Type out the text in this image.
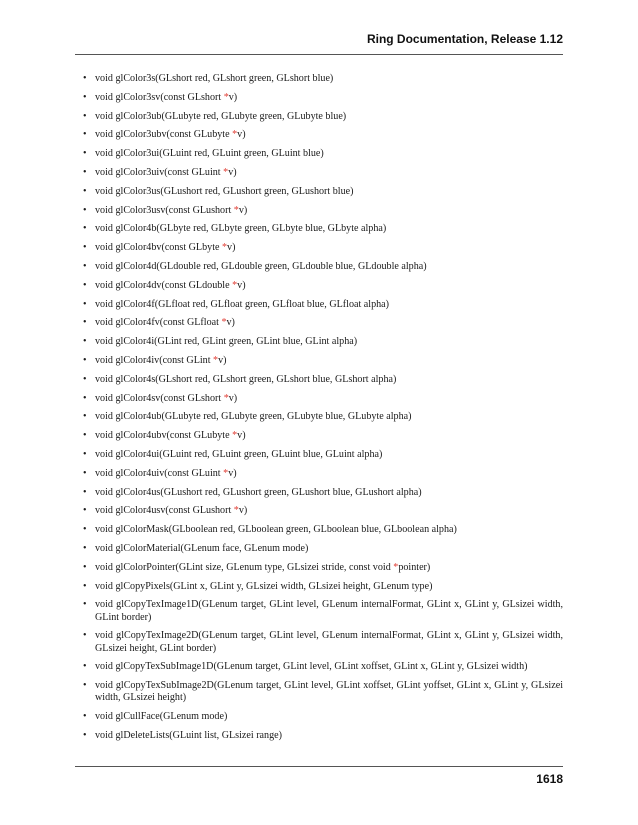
Ring Documentation, Release 1.12
• void glColor3s(GLshort red, GLshort green, GLshort blue)
• void glColor3sv(const GLshort *v)
• void glColor3ub(GLubyte red, GLubyte green, GLubyte blue)
• void glColor3ubv(const GLubyte *v)
• void glColor3ui(GLuint red, GLuint green, GLuint blue)
• void glColor3uiv(const GLuint *v)
• void glColor3us(GLushort red, GLushort green, GLushort blue)
• void glColor3usv(const GLushort *v)
• void glColor4b(GLbyte red, GLbyte green, GLbyte blue, GLbyte alpha)
• void glColor4bv(const GLbyte *v)
• void glColor4d(GLdouble red, GLdouble green, GLdouble blue, GLdouble alpha)
• void glColor4dv(const GLdouble *v)
• void glColor4f(GLfloat red, GLfloat green, GLfloat blue, GLfloat alpha)
• void glColor4fv(const GLfloat *v)
• void glColor4i(GLint red, GLint green, GLint blue, GLint alpha)
• void glColor4iv(const GLint *v)
• void glColor4s(GLshort red, GLshort green, GLshort blue, GLshort alpha)
• void glColor4sv(const GLshort *v)
• void glColor4ub(GLubyte red, GLubyte green, GLubyte blue, GLubyte alpha)
• void glColor4ubv(const GLubyte *v)
• void glColor4ui(GLuint red, GLuint green, GLuint blue, GLuint alpha)
• void glColor4uiv(const GLuint *v)
• void glColor4us(GLushort red, GLushort green, GLushort blue, GLushort alpha)
• void glColor4usv(const GLushort *v)
• void glColorMask(GLboolean red, GLboolean green, GLboolean blue, GLboolean alpha)
• void glColorMaterial(GLenum face, GLenum mode)
• void glColorPointer(GLint size, GLenum type, GLsizei stride, const void *pointer)
• void glCopyPixels(GLint x, GLint y, GLsizei width, GLsizei height, GLenum type)
• void glCopyTexImage1D(GLenum target, GLint level, GLenum internalFormat, GLint x, GLint y, GLsizei width, GLint border)
• void glCopyTexImage2D(GLenum target, GLint level, GLenum internalFormat, GLint x, GLint y, GLsizei width, GLsizei height, GLint border)
• void glCopyTexSubImage1D(GLenum target, GLint level, GLint xoffset, GLint x, GLint y, GLsizei width)
• void glCopyTexSubImage2D(GLenum target, GLint level, GLint xoffset, GLint yoffset, GLint x, GLint y, GLsizei width, GLsizei height)
• void glCullFace(GLenum mode)
• void glDeleteLists(GLuint list, GLsizei range)
1618
